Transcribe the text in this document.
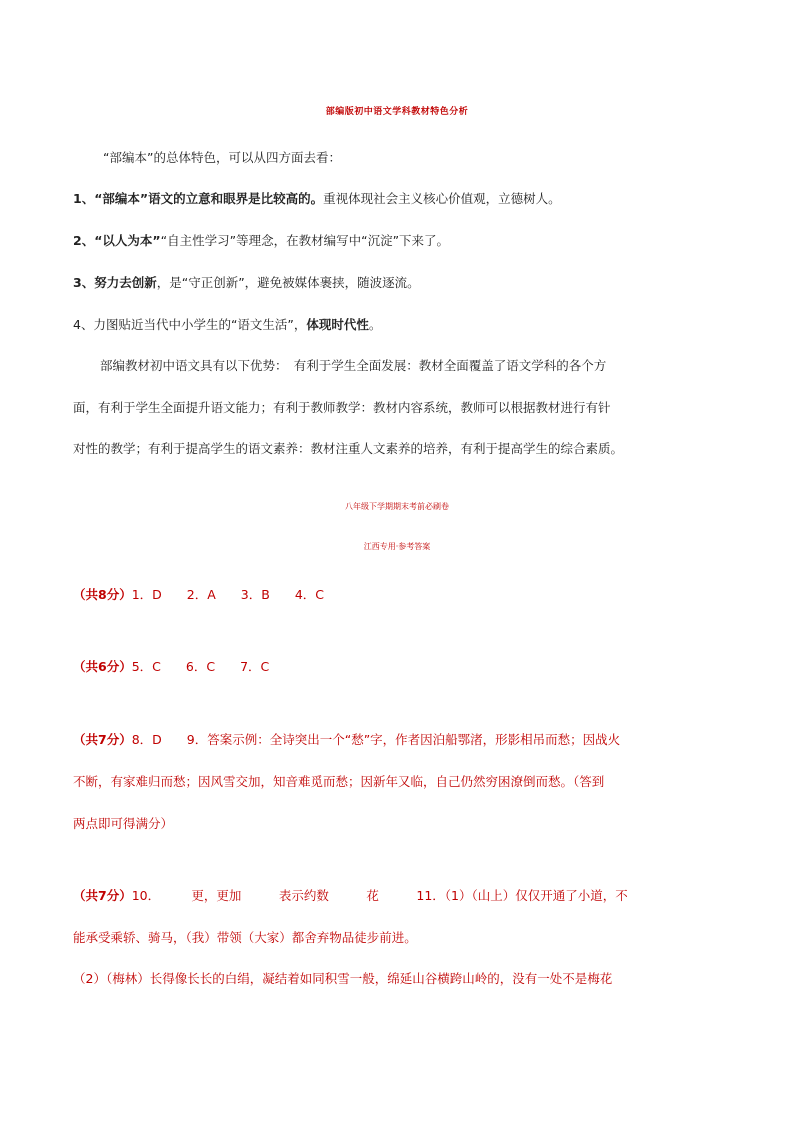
部编版初中语文学科教材特色分析
“部编本”的总体特色，可以从四方面去看：
1、“部编本”语文的立意和眼界是比较高的。重视体现社会主义核心价值观，立德树人。
2、“以人为本”“自主性学习”等理念，在教材编写中“沉淀”下来了。
3、努力去创新，是“守正创新”，避免被媒体裹挟，随波逐流。
4、力图贴近当代中小学生的“语文生活”，体现时代性。
部编教材初中语文具有以下优势：　有利于学生全面发展：教材全面覆盖了语文学科的各个方
面，有利于学生全面提升语文能力；有利于教师教学：教材内容系统，教师可以根据教材进行有针
对性的教学；有利于提高学生的语文素养：教材注重人文素养的培养，有利于提高学生的综合素质。
八年级下学期期末考前必刷卷
江西专用·参考答案
（共8分）1．D　　2．A　　3．B　　4．C
（共6分）5．C　　6．C　　7．C
（共7分）8．D　　9．答案示例：全诗突出一个“愁”字，作者因泊船鄂渚，形影相吊而愁；因战火
不断，有家难归而愁；因风雪交加，知音难觅而愁；因新年又临，自己仍然穷困潦倒而愁。（答到
两点即可得满分）
（共7分）10．　　　更，更加　　　表示约数　　　花　　　11．（1）（山上）仅仅开通了小道，不
能承受乘轿、骑马，（我）带领（大家）都舍弃物品徒步前进。
（2）（梅林）长得像长长的白绢，凝结着如同积雪一般，绵延山谷横跨山岭的，没有一处不是梅花
